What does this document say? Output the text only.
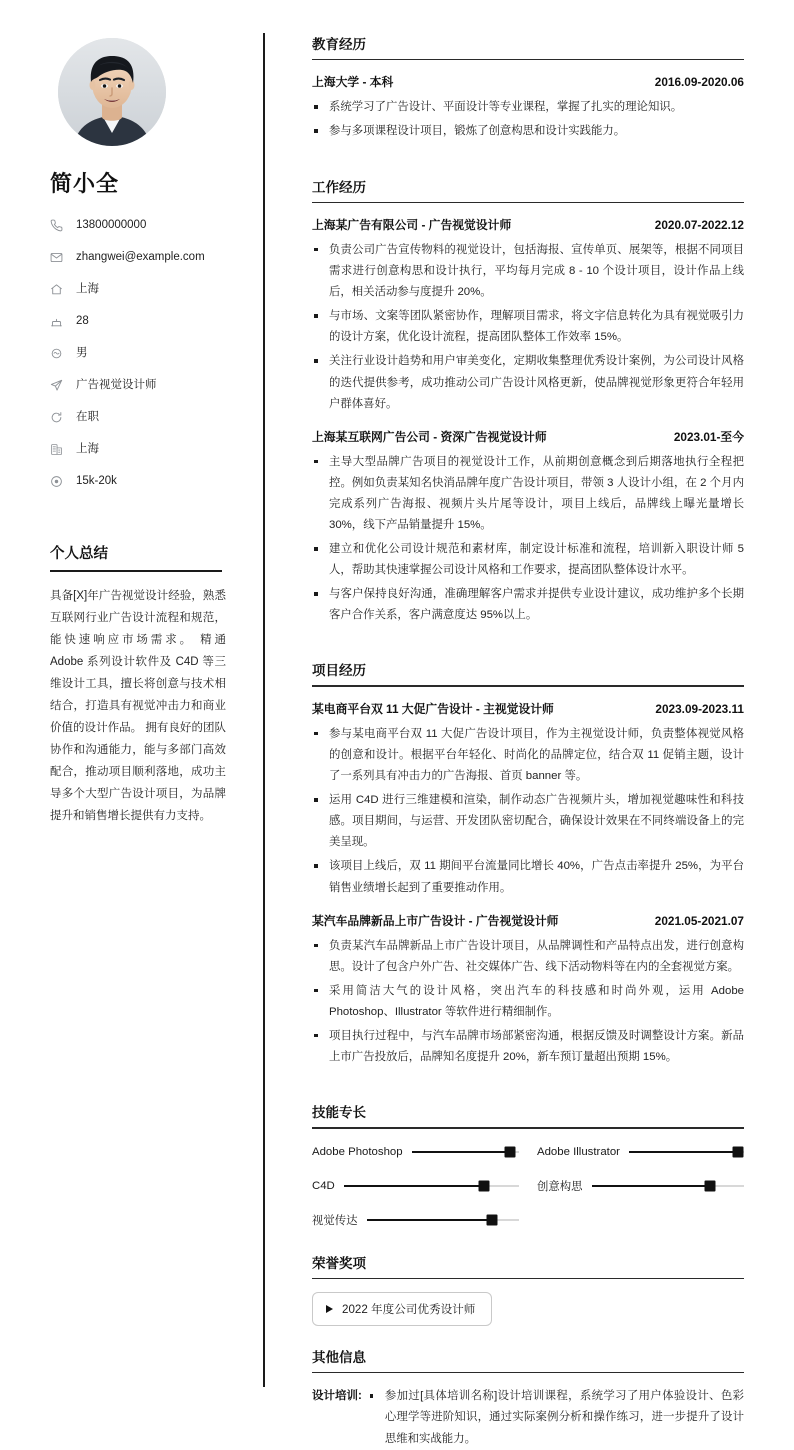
简小全
13800000000
zhangwei@example.com
上海
28
男
广告视觉设计师
在职
上海
15k-20k
个人总结

具备[X]年广告视觉设计经验，熟悉互联网行业广告设计流程和规范，能快速响应市场需求。 精通 Adobe 系列设计软件及 C4D 等三维设计工具，擅长将创意与技术相结合，打造具有视觉冲击力和商业价值的设计作品。 拥有良好的团队协作和沟通能力，能与多部门高效配合，推动项目顺利落地，成功主导多个大型广告设计项目，为品牌提升和销售增长提供有力支持。

教育经历
上海大学 - 本科	2016.09-2020.06
系统学习了广告设计、平面设计等专业课程，掌握了扎实的理论知识。
参与多项课程设计项目，锻炼了创意构思和设计实践能力。
工作经历
上海某广告有限公司 - 广告视觉设计师	2020.07-2022.12
负责公司广告宣传物料的视觉设计，包括海报、宣传单页、展架等，根据不同项目需求进行创意构思和设计执行，平均每月完成 8 - 10 个设计项目，设计作品上线后，相关活动参与度提升 20%。
与市场、文案等团队紧密协作，理解项目需求，将文字信息转化为具有视觉吸引力的设计方案，优化设计流程，提高团队整体工作效率 15%。
关注行业设计趋势和用户审美变化，定期收集整理优秀设计案例，为公司设计风格的迭代提供参考，成功推动公司广告设计风格更新，使品牌视觉形象更符合年轻用户群体喜好。
上海某互联网广告公司 - 资深广告视觉设计师	2023.01-至今
主导大型品牌广告项目的视觉设计工作，从前期创意概念到后期落地执行全程把控。例如负责某知名快消品牌年度广告设计项目，带领 3 人设计小组，在 2 个月内完成系列广告海报、视频片头片尾等设计，项目上线后，品牌线上曝光量增长 30%，线下产品销量提升 15%。
建立和优化公司设计规范和素材库，制定设计标准和流程，培训新入职设计师 5 人，帮助其快速掌握公司设计风格和工作要求，提高团队整体设计水平。
与客户保持良好沟通，准确理解客户需求并提供专业设计建议，成功维护多个长期客户合作关系，客户满意度达 95%以上。
项目经历
某电商平台双 11 大促广告设计 - 主视觉设计师	2023.09-2023.11
参与某电商平台双 11 大促广告设计项目，作为主视觉设计师，负责整体视觉风格的创意和设计。根据平台年轻化、时尚化的品牌定位，结合双 11 促销主题，设计了一系列具有冲击力的广告海报、首页 banner 等。
运用 C4D 进行三维建模和渲染，制作动态广告视频片头，增加视觉趣味性和科技感。项目期间，与运营、开发团队密切配合，确保设计效果在不同终端设备上的完美呈现。
该项目上线后，双 11 期间平台流量同比增长 40%，广告点击率提升 25%，为平台销售业绩增长起到了重要推动作用。
某汽车品牌新品上市广告设计 - 广告视觉设计师	2021.05-2021.07
负责某汽车品牌新品上市广告设计项目，从品牌调性和产品特点出发，进行创意构思。设计了包含户外广告、社交媒体广告、线下活动物料等在内的全套视觉方案。
采用简洁大气的设计风格，突出汽车的科技感和时尚外观，运用 Adobe Photoshop、Illustrator 等软件进行精细制作。
项目执行过程中，与汽车品牌市场部紧密沟通，根据反馈及时调整设计方案。新品上市广告投放后，品牌知名度提升 20%，新车预订量超出预期 15%。
技能专长
Adobe Photoshop	Adobe Illustrator
C4D	创意构思
视觉传达
荣誉奖项
2022 年度公司优秀设计师
其他信息
设计培训:	参加过[具体培训名称]设计培训课程，系统学习了用户体验设计、色彩心理学等进阶知识，通过实际案例分析和操作练习，进一步提升了设计思维和实战能力。
